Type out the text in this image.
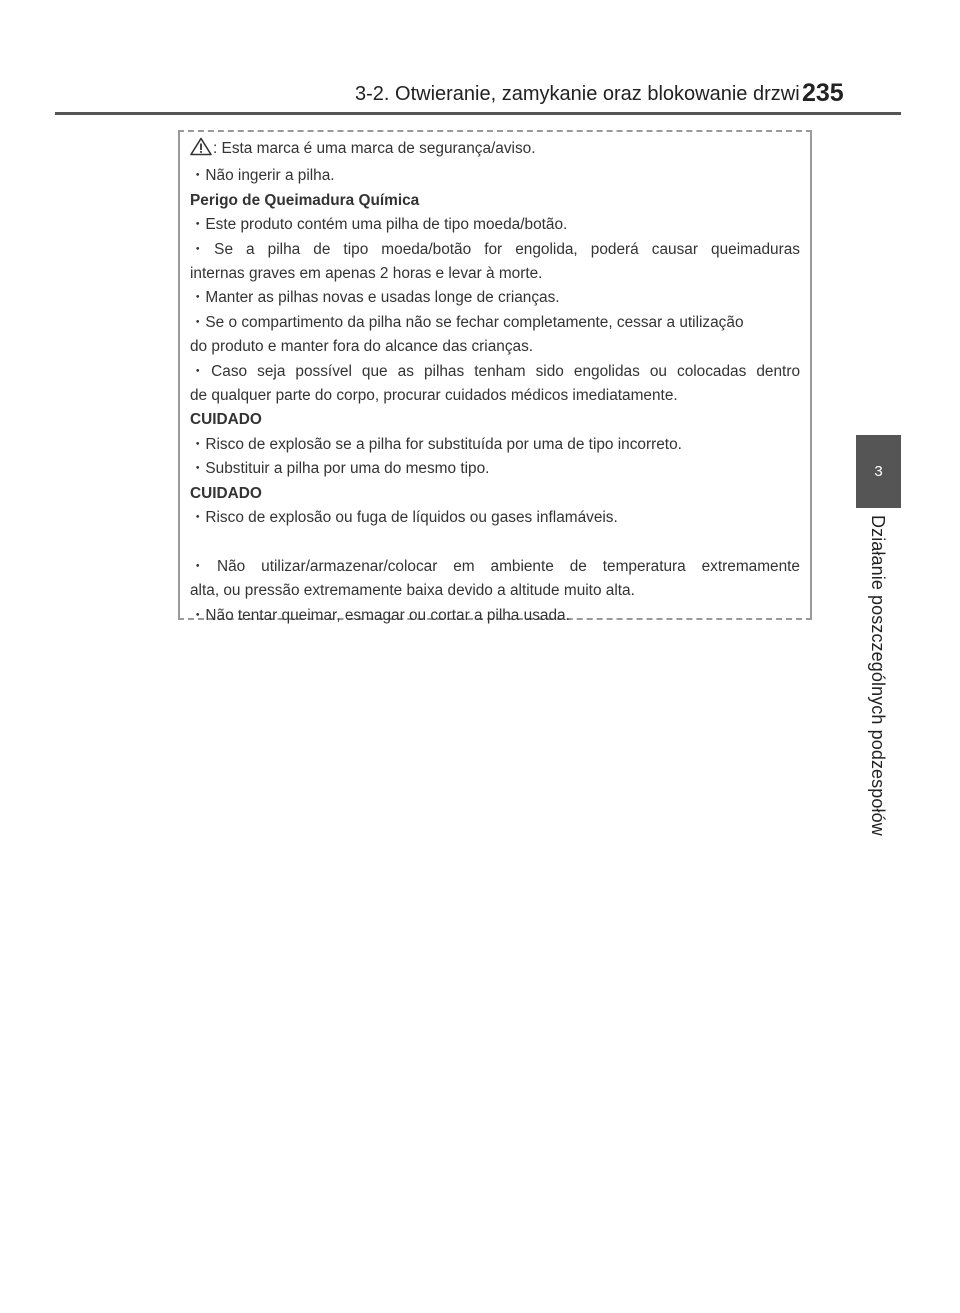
3-2. Otwieranie, zamykanie oraz blokowanie drzwi 235
3
Działanie poszczególnych podzespołów
: Esta marca é uma marca de segurança/aviso.
・Não ingerir a pilha.
Perigo de Queimadura Química
・Este produto contém uma pilha de tipo moeda/botão.
・Se a pilha de tipo moeda/botão for engolida, poderá causar queimaduras
internas graves em apenas 2 horas e levar à morte.
・Manter as pilhas novas e usadas longe de crianças.
・Se o compartimento da pilha não se fechar completamente, cessar a utilização
do produto e manter fora do alcance das crianças.
・Caso seja possível que as pilhas tenham sido engolidas ou colocadas dentro
de qualquer parte do corpo, procurar cuidados médicos imediatamente.
CUIDADO
・Risco de explosão se a pilha for substituída por uma de tipo incorreto.
・Substituir a pilha por uma do mesmo tipo.
CUIDADO
・Risco de explosão ou fuga de líquidos ou gases inflamáveis.
・Não utilizar/armazenar/colocar em ambiente de temperatura extremamente
alta, ou pressão extremamente baixa devido a altitude muito alta.
・Não tentar queimar, esmagar ou cortar a pilha usada.
